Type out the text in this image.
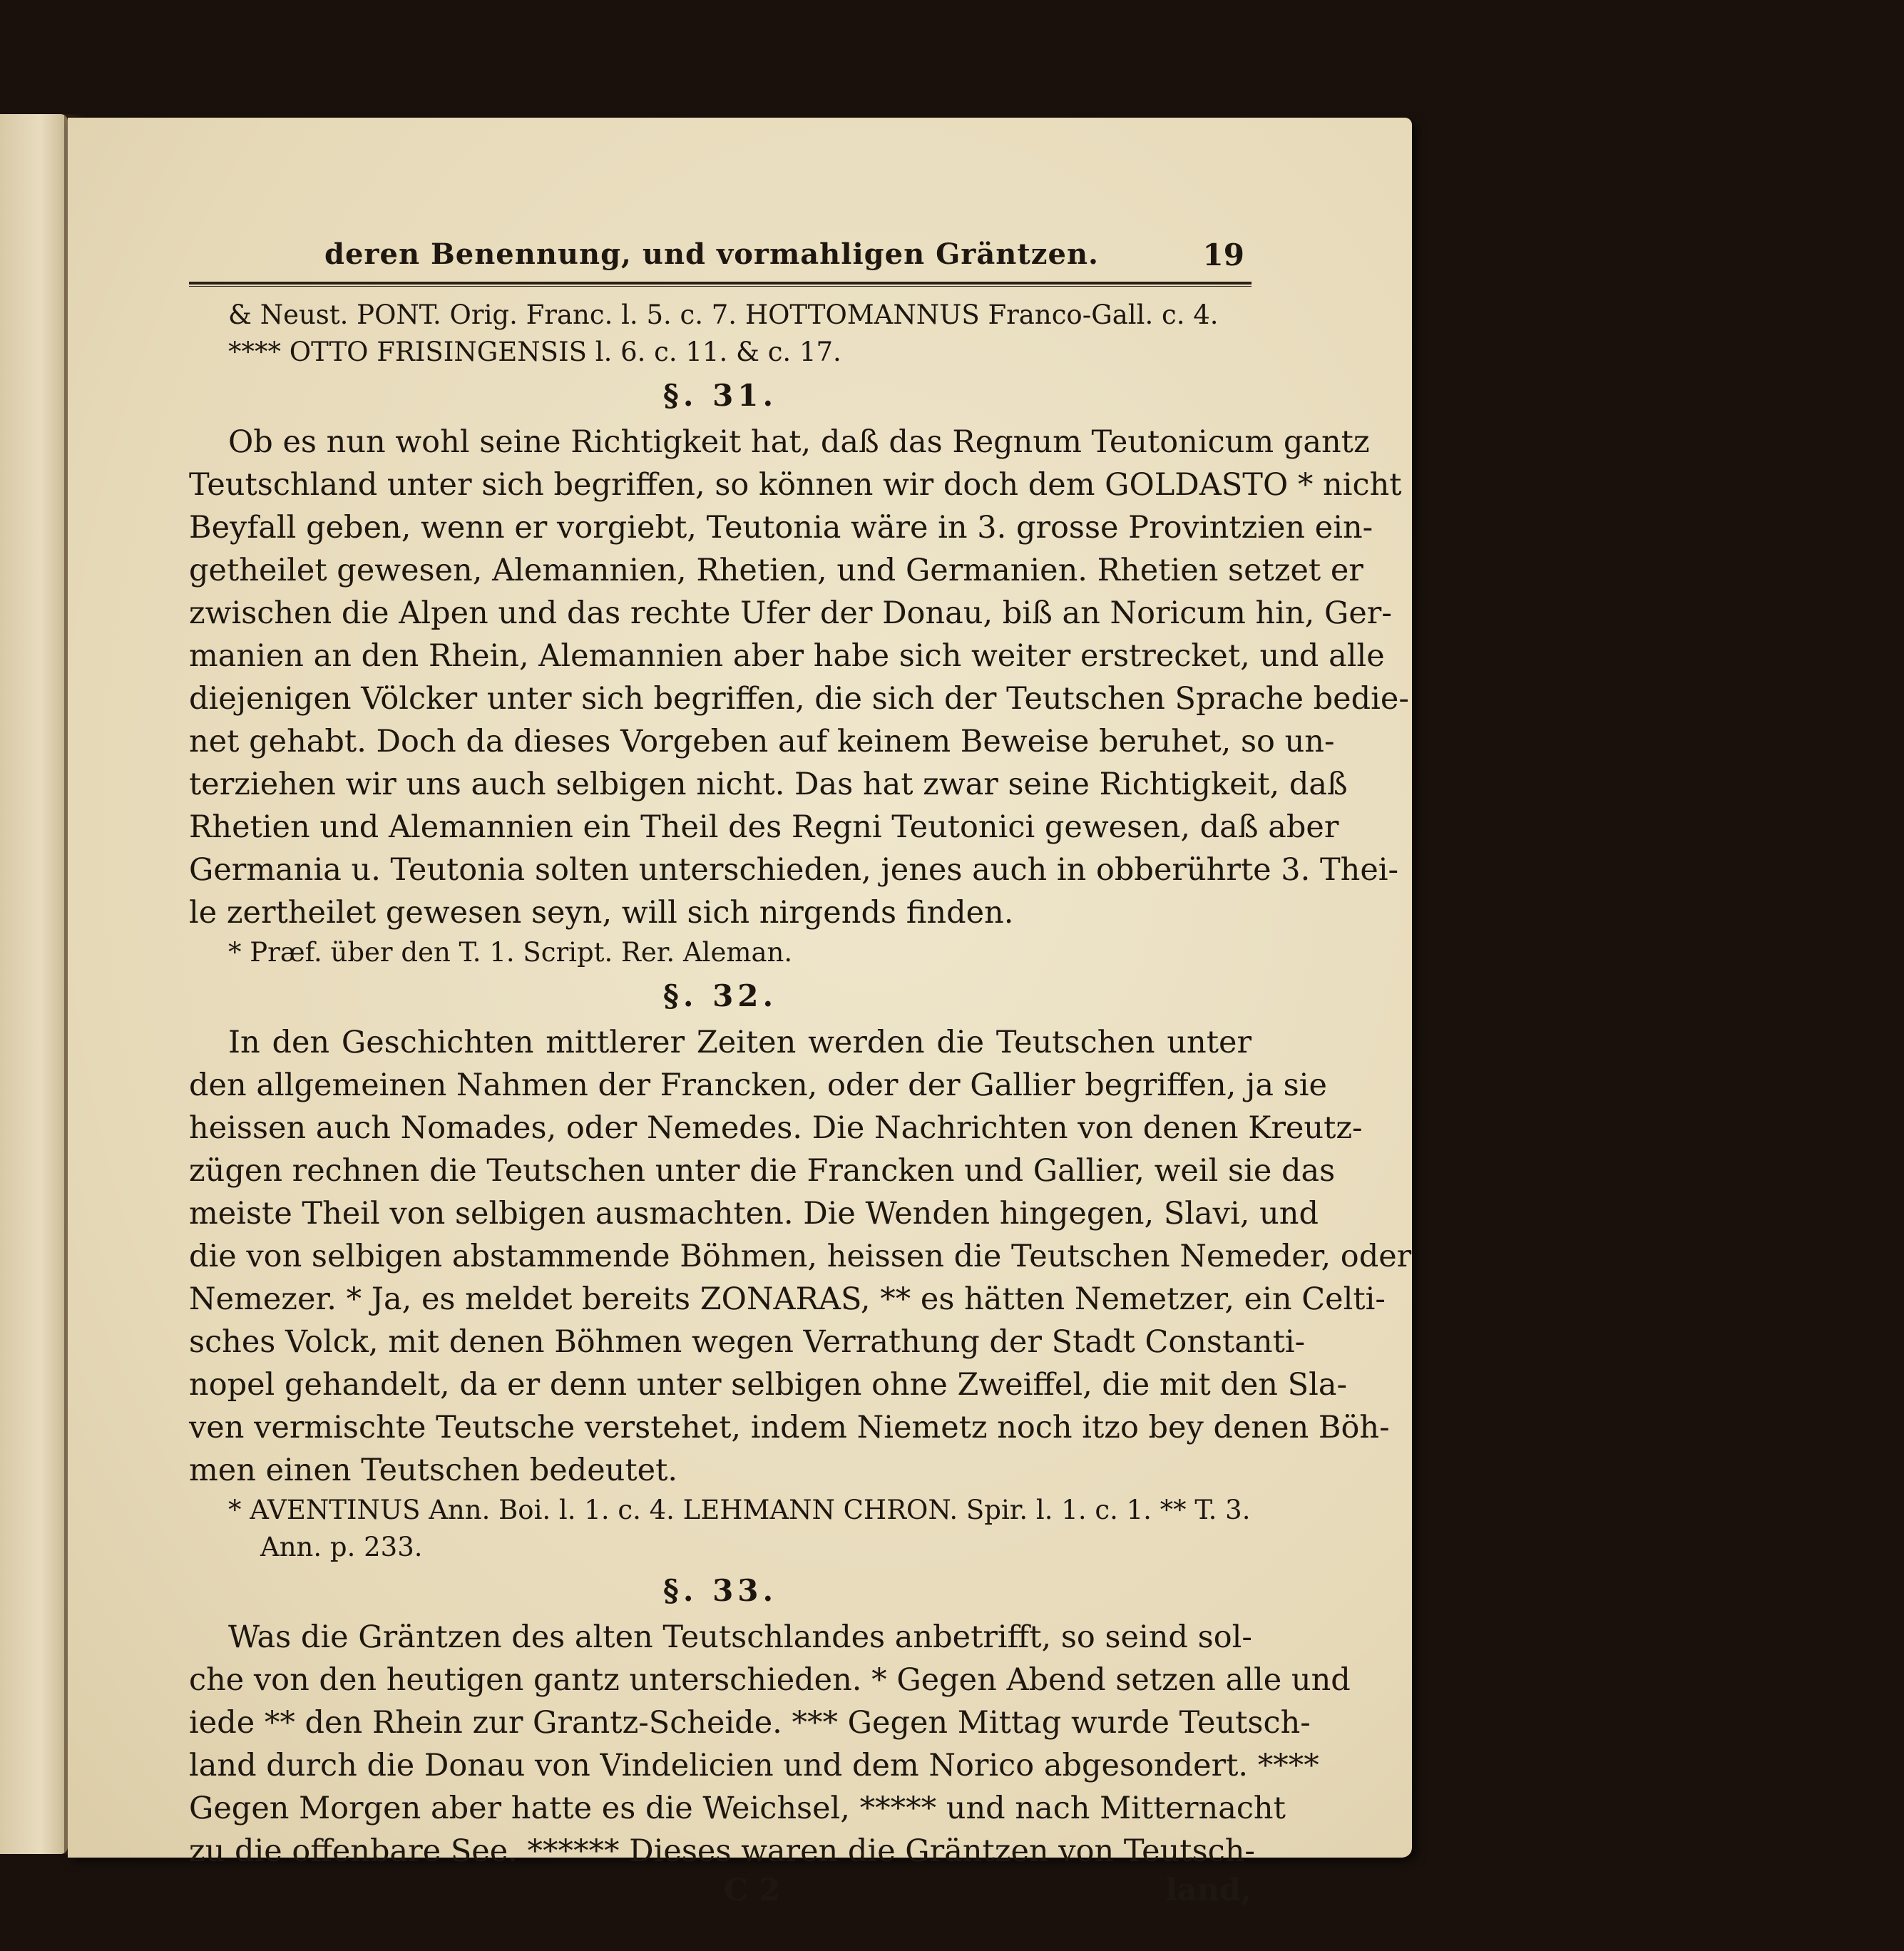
deren Benennung, und vormahligen Gräntzen.	19
& Neust. PONT. Orig. Franc. l. 5. c. 7. HOTTOMANNUS Franco-Gall. c. 4.
**** OTTO FRISINGENSIS l. 6. c. 11. & c. 17.
§. 31.
Ob es nun wohl seine Richtigkeit hat, daß das Regnum Teutonicum gantz
Teutschland unter sich begriffen, so können wir doch dem GOLDASTO * nicht
Beyfall geben, wenn er vorgiebt, Teutonia wäre in 3. grosse Provintzien ein-
getheilet gewesen, Alemannien, Rhetien, und Germanien. Rhetien setzet er
zwischen die Alpen und das rechte Ufer der Donau, biß an Noricum hin, Ger-
manien an den Rhein, Alemannien aber habe sich weiter erstrecket, und alle
diejenigen Völcker unter sich begriffen, die sich der Teutschen Sprache bedie-
net gehabt. Doch da dieses Vorgeben auf keinem Beweise beruhet, so un-
terziehen wir uns auch selbigen nicht. Das hat zwar seine Richtigkeit, daß
Rhetien und Alemannien ein Theil des Regni Teutonici gewesen, daß aber
Germania u. Teutonia solten unterschieden, jenes auch in obberührte 3. Thei-
le zertheilet gewesen seyn, will sich nirgends finden.
* Præf. über den T. 1. Script. Rer. Aleman.
§. 32.
In den Geschichten mittlerer Zeiten werden die Teutschen unter
den allgemeinen Nahmen der Francken, oder der Gallier begriffen, ja sie
heissen auch Nomades, oder Nemedes. Die Nachrichten von denen Kreutz-
zügen rechnen die Teutschen unter die Francken und Gallier, weil sie das
meiste Theil von selbigen ausmachten. Die Wenden hingegen, Slavi, und
die von selbigen abstammende Böhmen, heissen die Teutschen Nemeder, oder
Nemezer. * Ja, es meldet bereits ZONARAS, ** es hätten Nemetzer, ein Celti-
sches Volck, mit denen Böhmen wegen Verrathung der Stadt Constanti-
nopel gehandelt, da er denn unter selbigen ohne Zweiffel, die mit den Sla-
ven vermischte Teutsche verstehet, indem Niemetz noch itzo bey denen Böh-
men einen Teutschen bedeutet.
* AVENTINUS Ann. Boi. l. 1. c. 4. LEHMANN CHRON. Spir. l. 1. c. 1. ** T. 3.
Ann. p. 233.
§. 33.
Was die Gräntzen des alten Teutschlandes anbetrifft, so seind sol-
che von den heutigen gantz unterschieden. * Gegen Abend setzen alle und
iede ** den Rhein zur Grantz-Scheide. *** Gegen Mittag wurde Teutsch-
land durch die Donau von Vindelicien und dem Norico abgesondert. ****
Gegen Morgen aber hatte es die Weichsel, ***** und nach Mitternacht
zu die offenbare See. ****** Dieses waren die Gräntzen von Teutsch-
C 2	land,
